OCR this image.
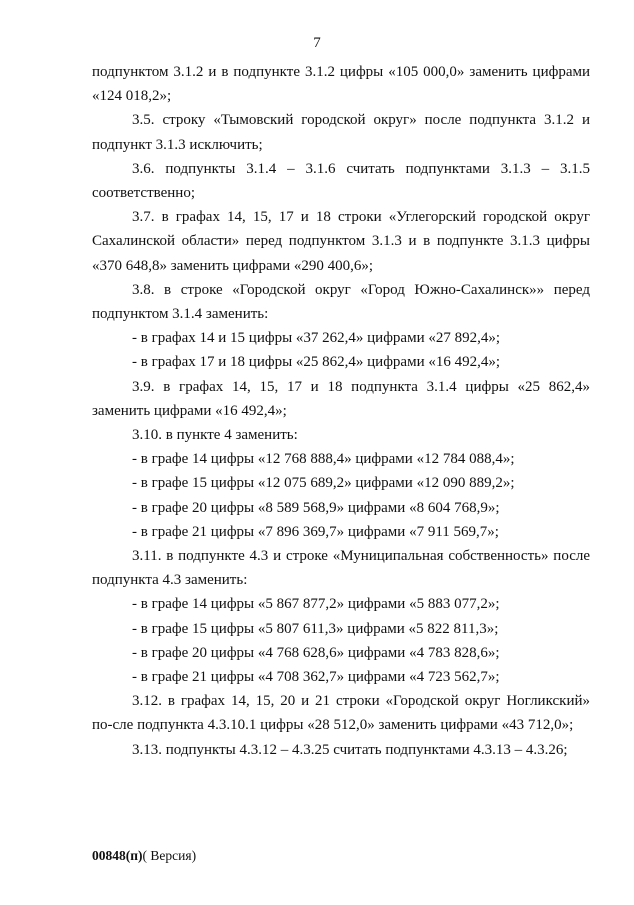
7

подпунктом 3.1.2 и в подпункте 3.1.2 цифры «105 000,0» заменить цифрами «124 018,2»;

3.5. строку «Тымовский городской округ» после подпункта 3.1.2 и подпункт 3.1.3 исключить;

3.6. подпункты 3.1.4 – 3.1.6 считать подпунктами 3.1.3 – 3.1.5 соответственно;

3.7. в графах 14, 15, 17 и 18 строки «Углегорский городской округ Сахалинской области» перед подпунктом 3.1.3 и в подпункте 3.1.3 цифры «370 648,8» заменить цифрами «290 400,6»;

3.8. в строке «Городской округ «Город Южно-Сахалинск»» перед подпунктом 3.1.4 заменить:

- в графах 14 и 15 цифры «37 262,4» цифрами «27 892,4»;

- в графах 17 и 18 цифры «25 862,4» цифрами «16 492,4»;

3.9. в графах 14, 15, 17 и 18 подпункта 3.1.4 цифры «25 862,4» заменить цифрами «16 492,4»;

3.10. в пункте 4 заменить:

- в графе 14 цифры «12 768 888,4» цифрами «12 784 088,4»;

- в графе 15 цифры «12 075 689,2» цифрами «12 090 889,2»;

- в графе 20 цифры «8 589 568,9» цифрами «8 604 768,9»;

- в графе 21 цифры «7 896 369,7» цифрами «7 911 569,7»;

3.11. в подпункте 4.3 и строке «Муниципальная собственность» после подпункта 4.3 заменить:

- в графе 14 цифры «5 867 877,2» цифрами «5 883 077,2»;

- в графе 15 цифры «5 807 611,3» цифрами «5 822 811,3»;

- в графе 20 цифры «4 768 628,6» цифрами «4 783 828,6»;

- в графе 21 цифры «4 708 362,7» цифрами «4 723 562,7»;

3.12. в графах 14, 15, 20 и 21 строки «Городской округ Ногликский» по-сле подпункта 4.3.10.1 цифры «28 512,0» заменить цифрами «43 712,0»;

3.13. подпункты 4.3.12 – 4.3.25 считать подпунктами 4.3.13 – 4.3.26;

00848(п)( Версия)
